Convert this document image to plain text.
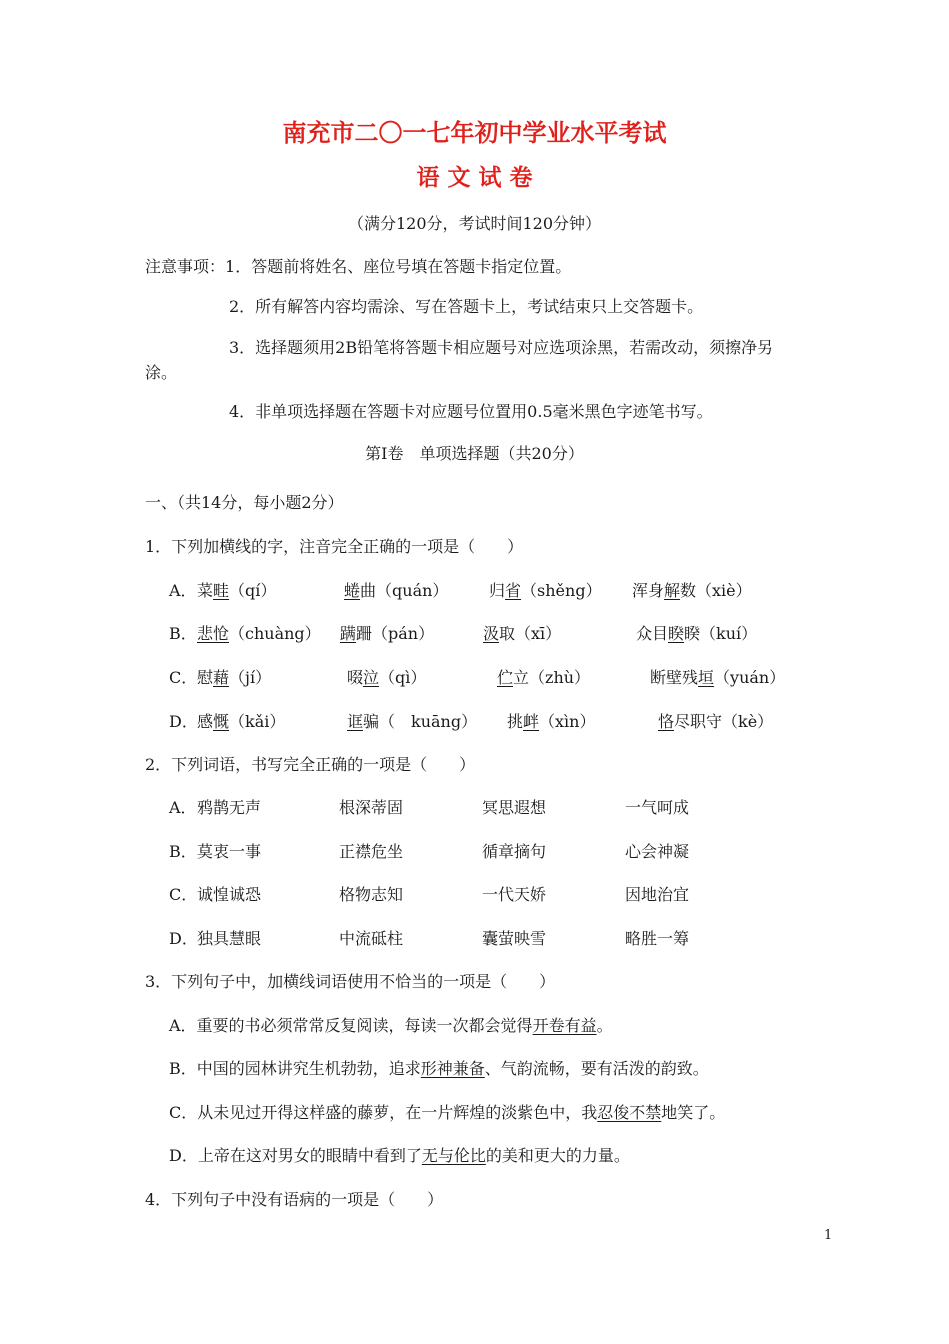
南充市二〇一七年初中学业水平考试
语 文 试 卷
（满分120分，考试时间120分钟）
注意事项：1．答题前将姓名、座位号填在答题卡指定位置。
2．所有解答内容均需涂、写在答题卡上，考试结束只上交答题卡。
3．选择题须用2B铅笔将答题卡相应题号对应选项涂黑，若需改动，须擦净另
涂。
4．非单项选择题在答题卡对应题号位置用0.5毫米黑色字迹笔书写。
第Ⅰ卷　单项选择题（共20分）
一、（共14分，每小题2分）
1．下列加横线的字，注音完全正确的一项是（　　）
A． 菜畦（qí）	蜷曲（quán）	归省（shěng） 浑身解数（xiè）
B． 悲怆（chuàng） 蹒跚（pán）	汲取（xī）	众目睽睽（kuí）
C． 慰藉（jí）	啜泣（qì）	伫立（zhù）	断壁残垣（yuán）
D． 感慨（kǎi）	诓骗（　kuāng） 挑衅（xìn）	恪尽职守（kè）
2．下列词语，书写完全正确的一项是（　　）
A． 鸦鹊无声	根深蒂固	冥思遐想	一气呵成
B． 莫衷一事	正襟危坐	循章摘句	心会神凝
C． 诚惶诚恐	格物志知	一代天娇	因地治宜
D． 独具慧眼	中流砥柱	囊萤映雪	略胜一筹
3．下列句子中，加横线词语使用不恰当的一项是（　　）
A．重要的书必须常常反复阅读，每读一次都会觉得开卷有益。
B．中国的园林讲究生机勃勃，追求形神兼备、气韵流畅，要有活泼的韵致。
C．从未见过开得这样盛的藤萝，在一片辉煌的淡紫色中，我忍俊不禁地笑了。
D．上帝在这对男女的眼睛中看到了无与伦比的美和更大的力量。
4．下列句子中没有语病的一项是（　　）
1
